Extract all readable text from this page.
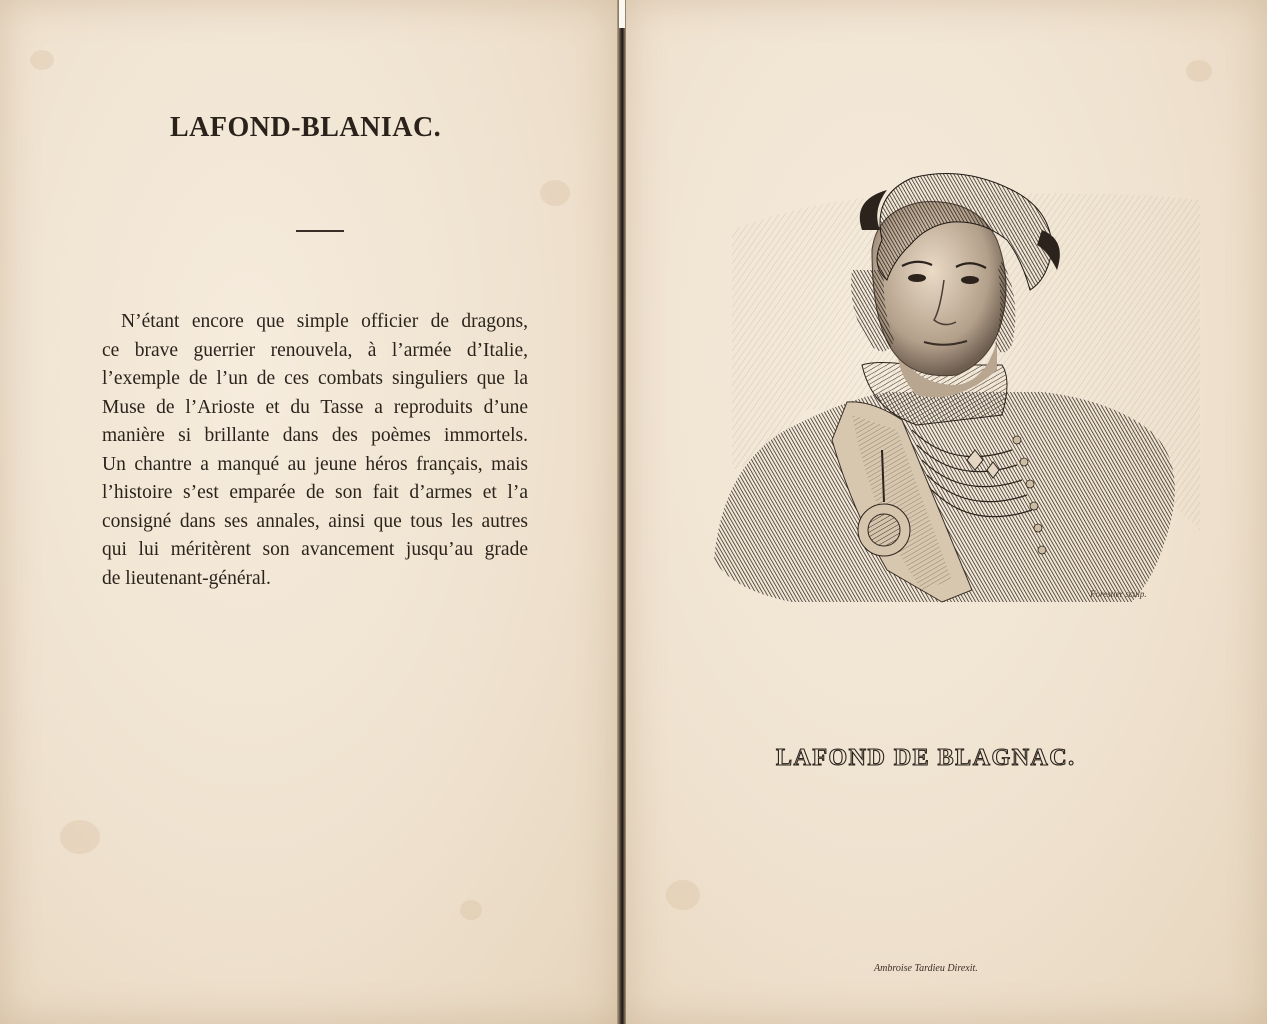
LAFOND-BLANIAC.
N’étant encore que simple officier de dragons,
ce brave guerrier renouvela, à l’armée d’Italie,
l’exemple de l’un de ces combats singuliers que la
Muse de l’Arioste et du Tasse a reproduits d’une
manière si brillante dans des poèmes immortels.
Un chantre a manqué au jeune héros français, mais
l’histoire s’est emparée de son fait d’armes et l’a
consigné dans ses annales, ainsi que tous les autres
qui lui méritèrent son avancement jusqu’au grade
de lieutenant-général.
Forestier sculp.
LAFOND DE BLAGNAC.
Ambroise Tardieu Direxit.
